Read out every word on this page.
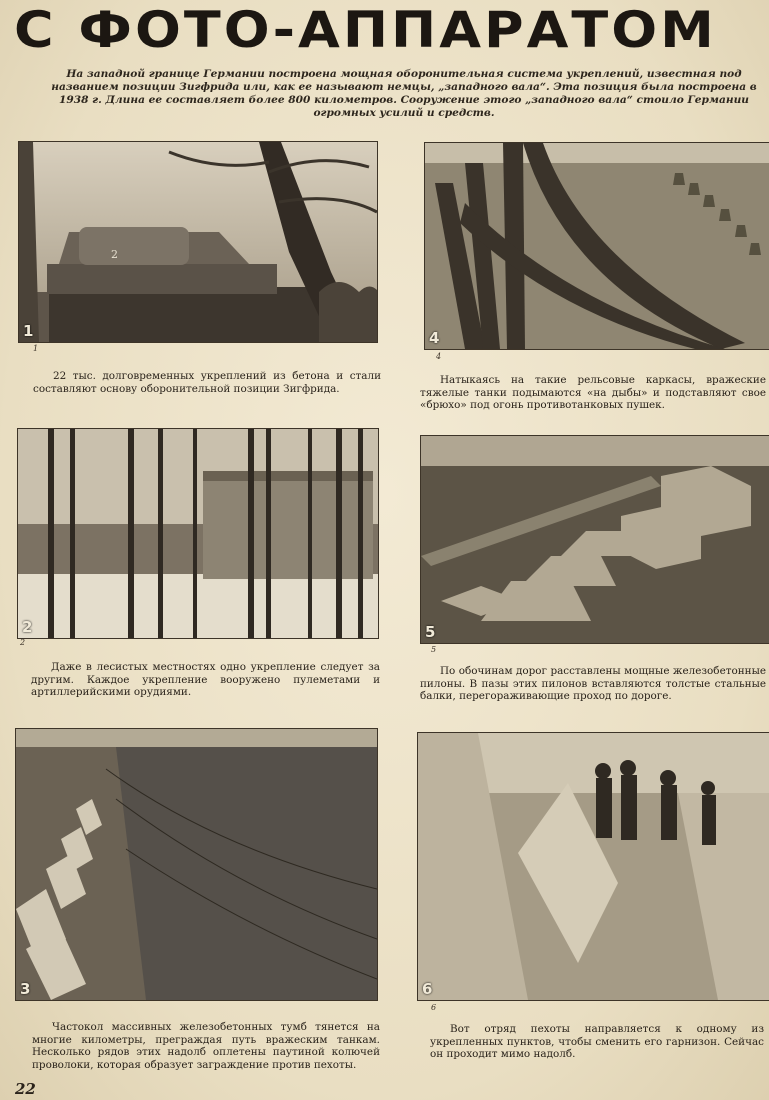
С ФОТО-АППАРАТОМ
На западной границе Германии построена мощная оборонительная система укреплений, известная под названием позиции Зигфрида или, как ее называют немцы, „западного вала“. Эта позиция была построена в 1938 г. Длина ее составляет более 800 километров. Сооружение этого „западного вала“ стоило Германии огромных усилий и средств.
1
2
1
22 тыс. долговременных укреплений из бетона и стали составляют основу оборонительной позиции Зигфрида.
4
4
Натыкаясь на такие рельсовые каркасы, вражеские тяжелые танки подымаются «на дыбы» и подставляют свое «брюхо» под огонь противотанковых пушек.
2
2
Даже в лесистых местностях одно укрепление следует за другим. Каждое укрепление вооружено пулеметами и артиллерийскими орудиями.
5
5
По обочинам дорог расставлены мощные железобетонные пилоны. В пазы этих пилонов вставляются толстые стальные балки, перегораживающие проход по дороге.
3
Частокол массивных железобетонных тумб тянется на многие километры, преграждая путь вражеским танкам. Несколько рядов этих надолб оплетены паутиной колючей проволоки, которая образует заграждение против пехоты.
6
6
Вот отряд пехоты направляется к одному из укрепленных пунктов, чтобы сменить его гарнизон. Сейчас он проходит мимо надолб.
22
